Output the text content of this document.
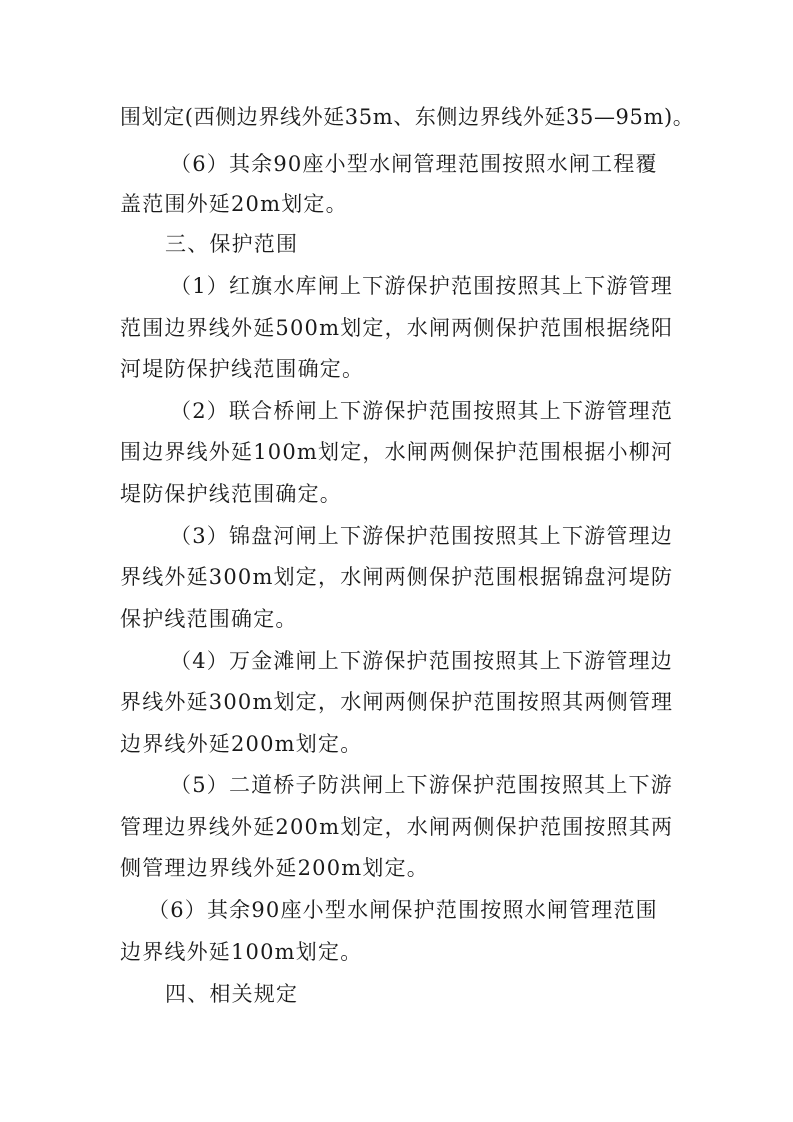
围划定(西侧边界线外延35m、东侧边界线外延35—95m)。
（6）其余90座小型水闸管理范围按照水闸工程覆
盖范围外延20m划定。
三、保护范围
（1）红旗水库闸上下游保护范围按照其上下游管理
范围边界线外延500m划定，水闸两侧保护范围根据绕阳
河堤防保护线范围确定。
（2）联合桥闸上下游保护范围按照其上下游管理范
围边界线外延100m划定，水闸两侧保护范围根据小柳河
堤防保护线范围确定。
（3）锦盘河闸上下游保护范围按照其上下游管理边
界线外延300m划定，水闸两侧保护范围根据锦盘河堤防
保护线范围确定。
（4）万金滩闸上下游保护范围按照其上下游管理边
界线外延300m划定，水闸两侧保护范围按照其两侧管理
边界线外延200m划定。
（5）二道桥子防洪闸上下游保护范围按照其上下游
管理边界线外延200m划定，水闸两侧保护范围按照其两
侧管理边界线外延200m划定。
（6）其余90座小型水闸保护范围按照水闸管理范围
边界线外延100m划定。
四、相关规定
